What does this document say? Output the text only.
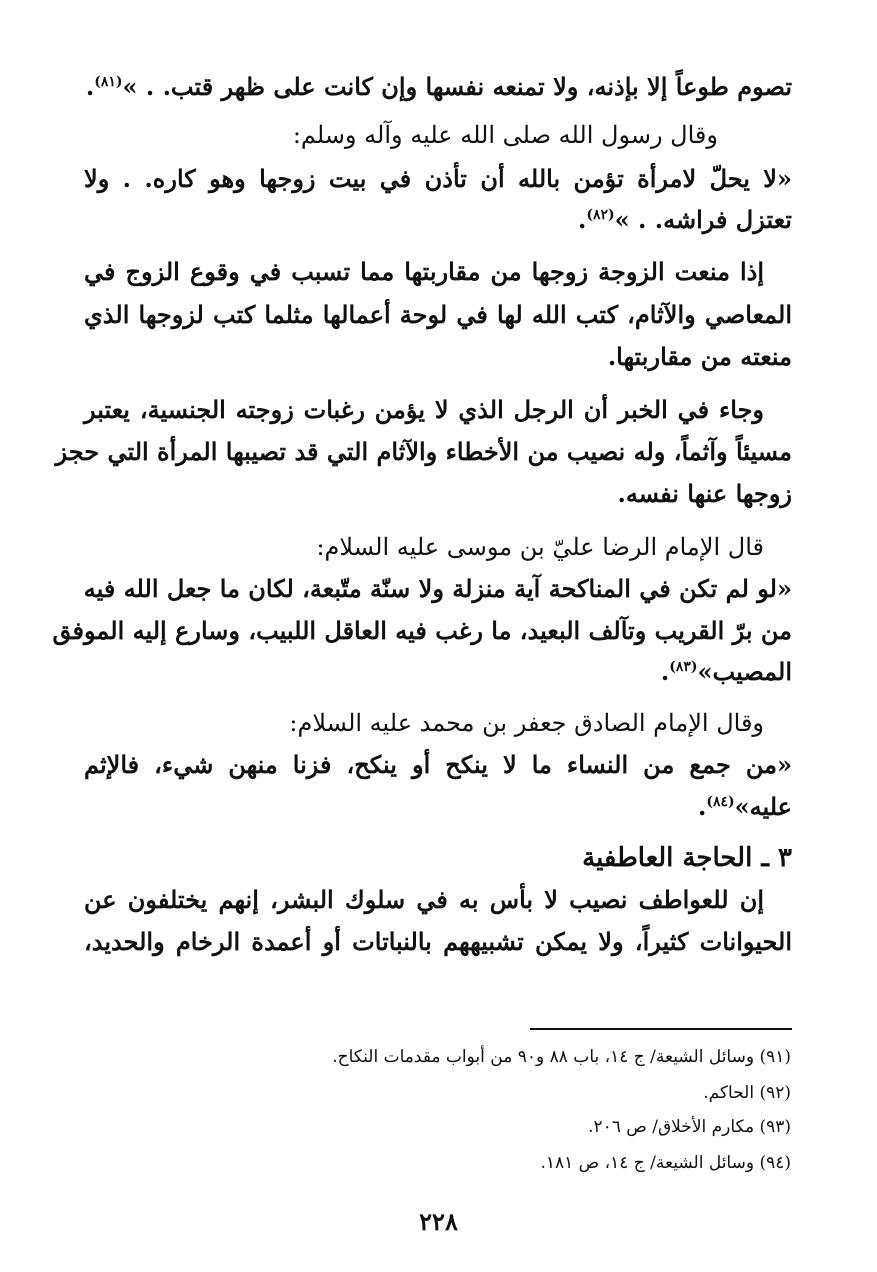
تصوم طوعاً إلا بإذنه، ولا تمنعه نفسها وإن كانت على ظهر قتب. . »$^{(٨١)}$.
وقال رسول الله صلى الله عليه وآله وسلم:
«لا يحلّ لامرأة تؤمن بالله أن تأذن في بيت زوجها وهو كاره. . ولا
تعتزل فراشه. . »$^{(٨٢)}$.
إذا منعت الزوجة زوجها من مقاربتها مما تسبب في وقوع الزوج في
المعاصي والآثام، كتب الله لها في لوحة أعمالها مثلما كتب لزوجها الذي
منعته من مقاربتها.
وجاء في الخبر أن الرجل الذي لا يؤمن رغبات زوجته الجنسية، يعتبر
مسيئاً وآثماً، وله نصيب من الأخطاء والآثام التي قد تصيبها المرأة التي حجز
زوجها عنها نفسه.
قال الإمام الرضا عليّ بن موسى عليه السلام:
«لو لم تكن في المناكحة آية منزلة ولا سنّة متّبعة، لكان ما جعل الله فيه
من برّ القريب وتآلف البعيد، ما رغب فيه العاقل اللبيب، وسارع إليه الموفق
المصيب»$^{(٨٣)}$.
وقال الإمام الصادق جعفر بن محمد عليه السلام:
«من جمع من النساء ما لا ينكح أو ينكح، فزنا منهن شيء، فالإثم
عليه»$^{(٨٤)}$.
٣ ـ الحاجة العاطفية
إن للعواطف نصيب لا بأس به في سلوك البشر، إنهم يختلفون عن
الحيوانات كثيراً، ولا يمكن تشبيههم بالنباتات أو أعمدة الرخام والحديد،
(٩١) وسائل الشيعة/ ج ١٤، باب ٨٨ و٩٠ من أبواب مقدمات النكاح.
(٩٢) الحاكم.
(٩٣) مكارم الأخلاق/ ص ٢٠٦.
(٩٤) وسائل الشيعة/ ج ١٤، ص ١٨١.
٢٢٨
